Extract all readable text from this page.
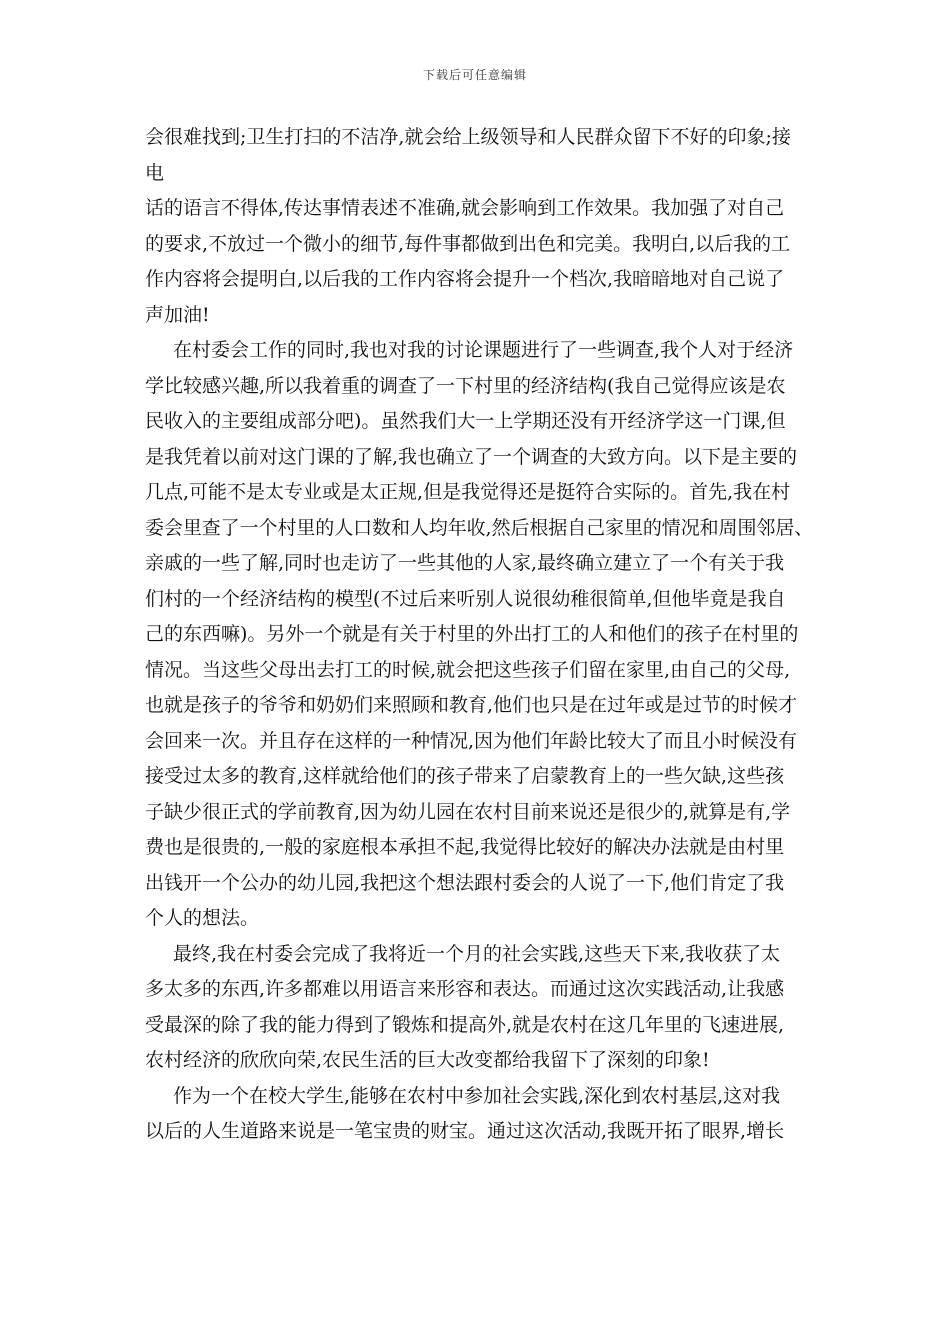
下载后可任意编辑
会很难找到;卫生打扫的不洁净,就会给上级领导和人民群众留下不好的印象;接
电
话的语言不得体,传达事情表述不准确,就会影响到工作效果。我加强了对自己
的要求,不放过一个微小的细节,每件事都做到出色和完美。我明白,以后我的工
作内容将会提明白,以后我的工作内容将会提升一个档次,我暗暗地对自己说了
声加油!
在村委会工作的同时,我也对我的讨论课题进行了一些调查,我个人对于经济
学比较感兴趣,所以我着重的调查了一下村里的经济结构(我自己觉得应该是农
民收入的主要组成部分吧)。虽然我们大一上学期还没有开经济学这一门课,但
是我凭着以前对这门课的了解,我也确立了一个调查的大致方向。以下是主要的
几点,可能不是太专业或是太正规,但是我觉得还是挺符合实际的。首先,我在村
委会里查了一个村里的人口数和人均年收,然后根据自己家里的情况和周围邻居、
亲戚的一些了解,同时也走访了一些其他的人家,最终确立建立了一个有关于我
们村的一个经济结构的模型(不过后来听别人说很幼稚很简单,但他毕竟是我自
己的东西嘛)。另外一个就是有关于村里的外出打工的人和他们的孩子在村里的
情况。当这些父母出去打工的时候,就会把这些孩子们留在家里,由自己的父母,
也就是孩子的爷爷和奶奶们来照顾和教育,他们也只是在过年或是过节的时候才
会回来一次。并且存在这样的一种情况,因为他们年龄比较大了而且小时候没有
接受过太多的教育,这样就给他们的孩子带来了启蒙教育上的一些欠缺,这些孩
子缺少很正式的学前教育,因为幼儿园在农村目前来说还是很少的,就算是有,学
费也是很贵的,一般的家庭根本承担不起,我觉得比较好的解决办法就是由村里
出钱开一个公办的幼儿园,我把这个想法跟村委会的人说了一下,他们肯定了我
个人的想法。
最终,我在村委会完成了我将近一个月的社会实践,这些天下来,我收获了太
多太多的东西,许多都难以用语言来形容和表达。而通过这次实践活动,让我感
受最深的除了我的能力得到了锻炼和提高外,就是农村在这几年里的飞速进展,
农村经济的欣欣向荣,农民生活的巨大改变都给我留下了深刻的印象!
作为一个在校大学生,能够在农村中参加社会实践,深化到农村基层,这对我
以后的人生道路来说是一笔宝贵的财宝。通过这次活动,我既开拓了眼界,增长
